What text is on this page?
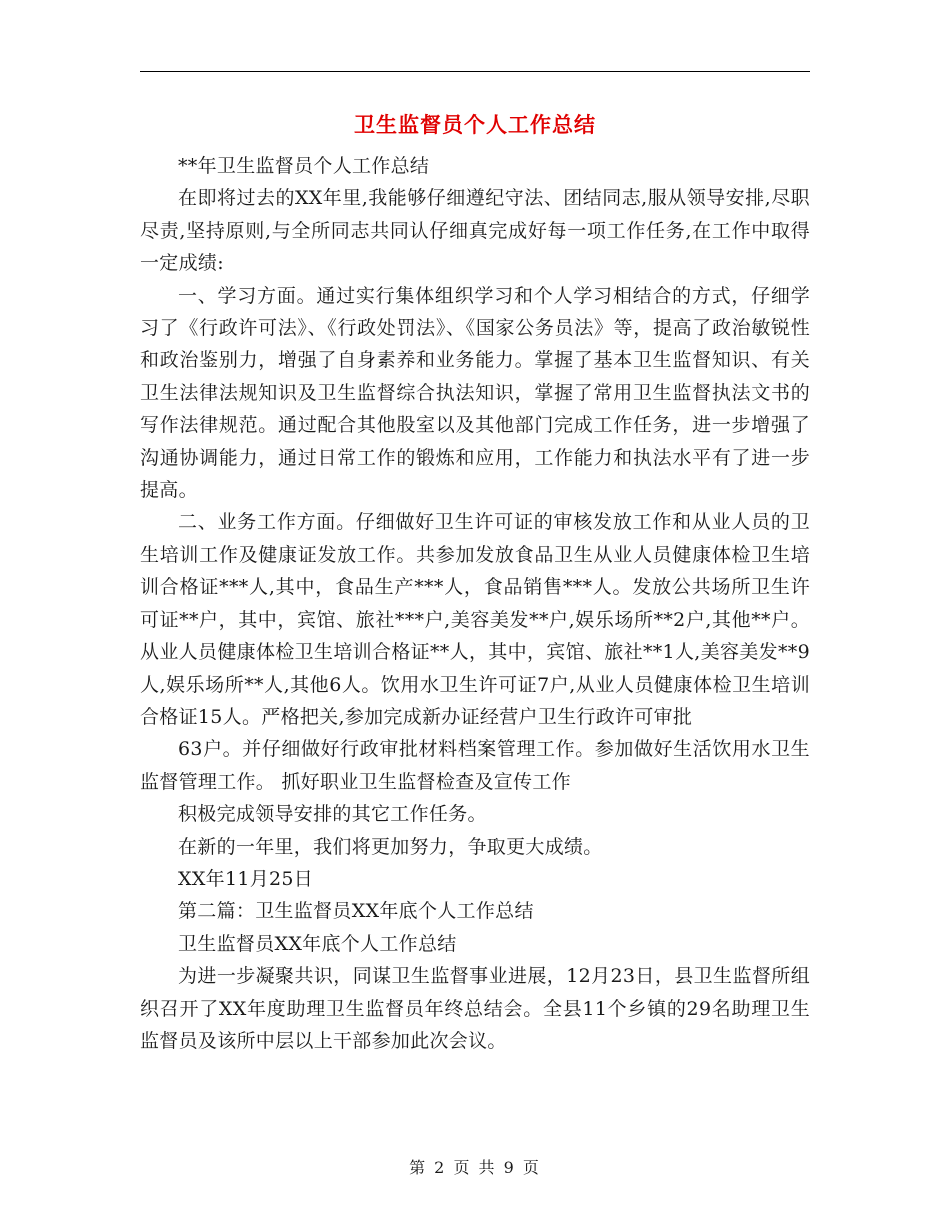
卫生监督员个人工作总结

**年卫生监督员个人工作总结

在即将过去的XX年里,我能够仔细遵纪守法、团结同志,服从领导安排,尽职尽责,坚持原则,与全所同志共同认仔细真完成好每一项工作任务,在工作中取得一定成绩:

一、学习方面。通过实行集体组织学习和个人学习相结合的方式，仔细学习了《行政许可法》、《行政处罚法》、《国家公务员法》等，提高了政治敏锐性和政治鉴别力，增强了自身素养和业务能力。掌握了基本卫生监督知识、有关卫生法律法规知识及卫生监督综合执法知识，掌握了常用卫生监督执法文书的写作法律规范。通过配合其他股室以及其他部门完成工作任务，进一步增强了沟通协调能力，通过日常工作的锻炼和应用，工作能力和执法水平有了进一步提高。

二、业务工作方面。仔细做好卫生许可证的审核发放工作和从业人员的卫生培训工作及健康证发放工作。共参加发放食品卫生从业人员健康体检卫生培训合格证***人,其中，食品生产***人，食品销售***人。发放公共场所卫生许可证**户，其中，宾馆、旅社***户,美容美发**户,娱乐场所**2户,其他**户。从业人员健康体检卫生培训合格证**人，其中，宾馆、旅社**1人,美容美发**9人,娱乐场所**人,其他6人。饮用水卫生许可证7户,从业人员健康体检卫生培训合格证15人。严格把关,参加完成新办证经营户卫生行政许可审批

63户。并仔细做好行政审批材料档案管理工作。参加做好生活饮用水卫生监督管理工作。 抓好职业卫生监督检查及宣传工作

积极完成领导安排的其它工作任务。

在新的一年里，我们将更加努力，争取更大成绩。

XX年11月25日

第二篇：卫生监督员XX年底个人工作总结

卫生监督员XX年底个人工作总结

为进一步凝聚共识，同谋卫生监督事业进展，12月23日，县卫生监督所组织召开了XX年度助理卫生监督员年终总结会。全县11个乡镇的29名助理卫生监督员及该所中层以上干部参加此次会议。

第 2 页 共 9 页
